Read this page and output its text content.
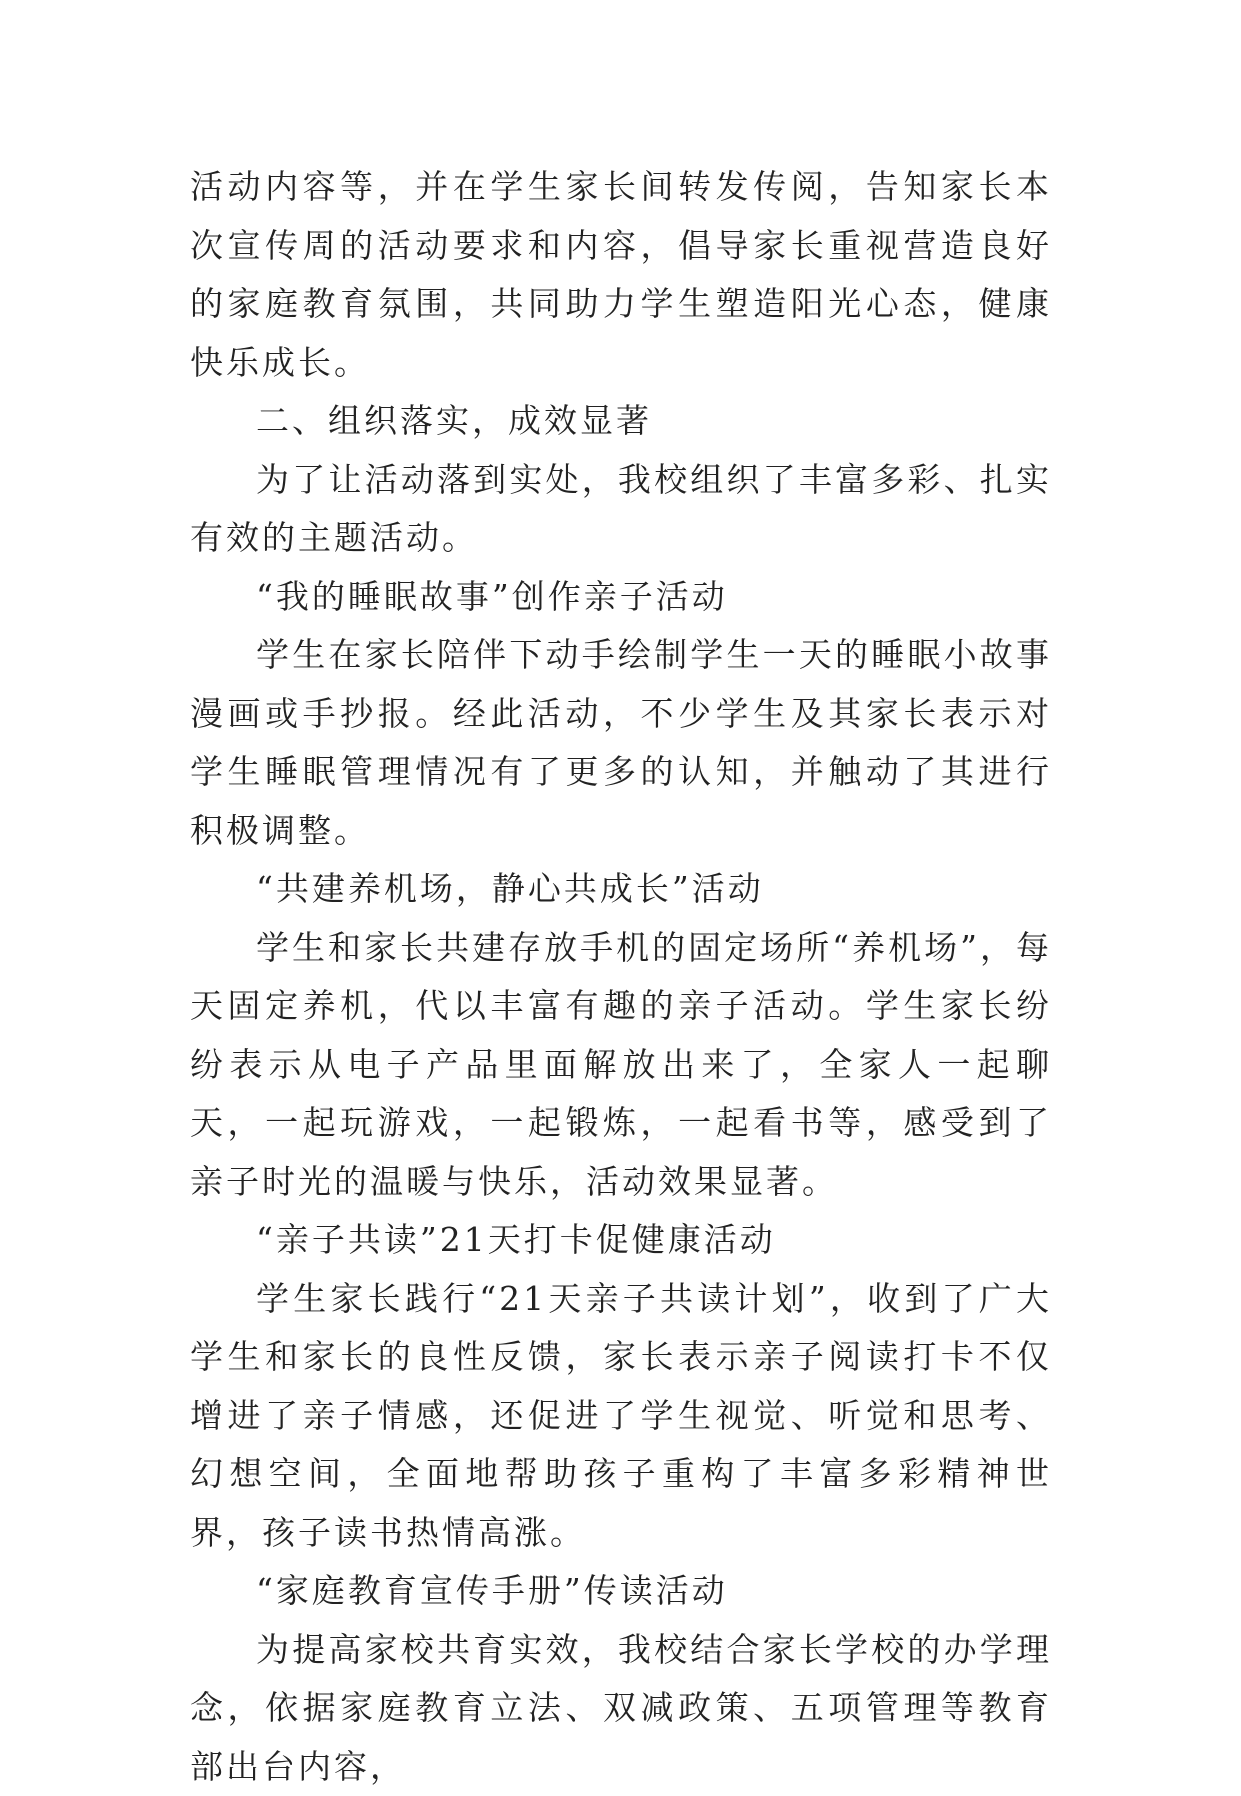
活动内容等，并在学生家长间转发传阅，告知家长本次宣传周的活动要求和内容，倡导家长重视营造良好的家庭教育氛围，共同助力学生塑造阳光心态，健康快乐成长。

二、组织落实，成效显著

为了让活动落到实处，我校组织了丰富多彩、扎实有效的主题活动。

“我的睡眠故事”创作亲子活动

学生在家长陪伴下动手绘制学生一天的睡眠小故事漫画或手抄报。经此活动，不少学生及其家长表示对学生睡眠管理情况有了更多的认知，并触动了其进行积极调整。

“共建养机场，静心共成长”活动

学生和家长共建存放手机的固定场所“养机场”，每天固定养机，代以丰富有趣的亲子活动。学生家长纷纷表示从电子产品里面解放出来了，全家人一起聊天，一起玩游戏，一起锻炼，一起看书等，感受到了亲子时光的温暖与快乐，活动效果显著。

“亲子共读”21天打卡促健康活动

学生家长践行“21天亲子共读计划”，收到了广大学生和家长的良性反馈，家长表示亲子阅读打卡不仅增进了亲子情感，还促进了学生视觉、听觉和思考、幻想空间，全面地帮助孩子重构了丰富多彩精神世界，孩子读书热情高涨。

“家庭教育宣传手册”传读活动

为提高家校共育实效，我校结合家长学校的办学理念，依据家庭教育立法、双减政策、五项管理等教育部出台内容，
